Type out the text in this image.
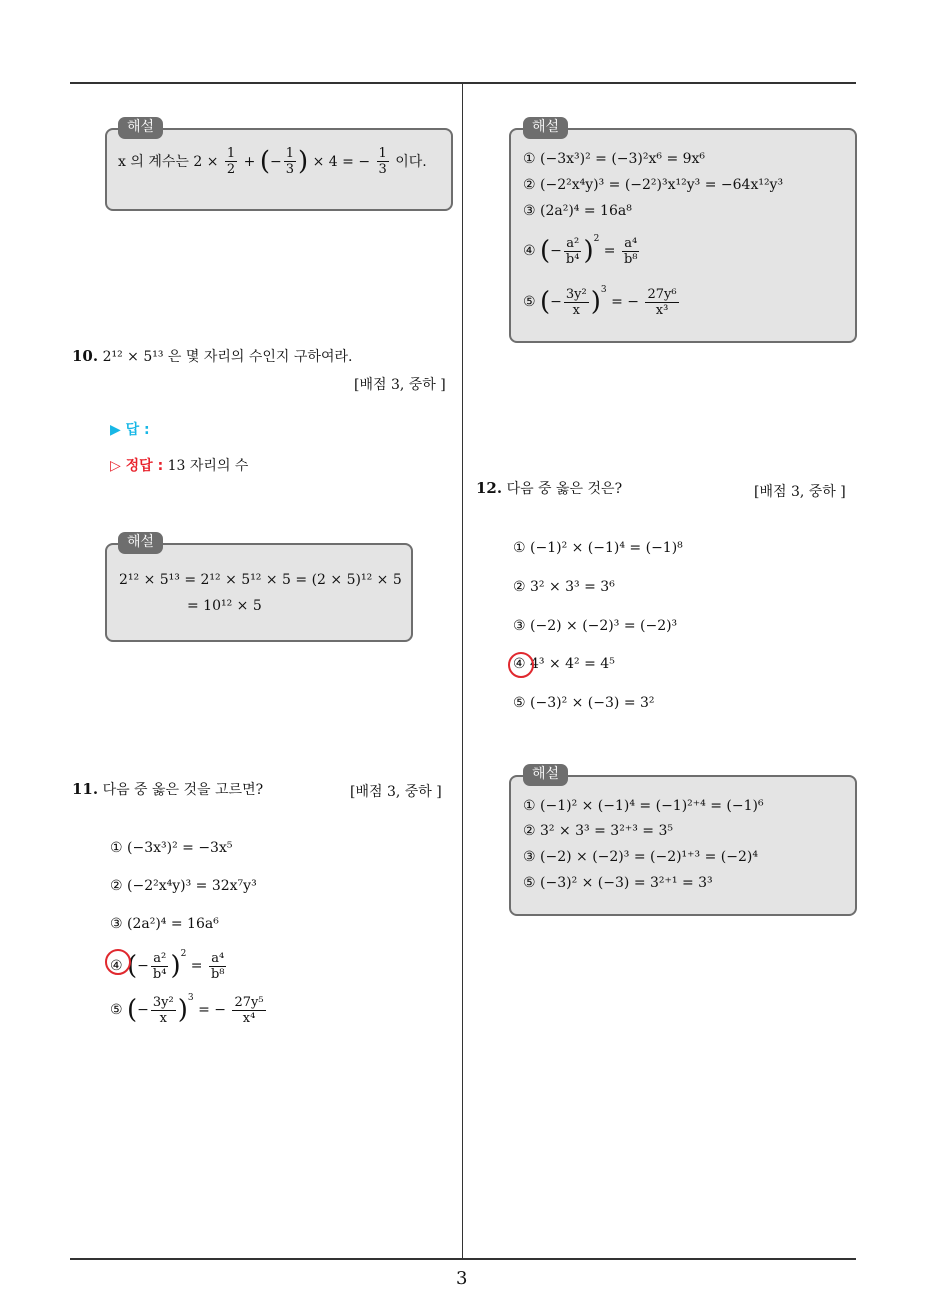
3
해설
x 의 계수는 $2 \times \frac{1}{2}$ + (− $\frac{1}{3}$ ) × 4 = − $\frac{1}{3}$ 이다.
10. 2¹² × 5¹³ 은 몇 자리의 수인지 구하여라.
[배점 3, 중하 ]
▶ 답 :
▷ 정답 : 13 자리의 수
해설
2¹² × 5¹³ = 2¹² × 5¹² × 5 = (2 × 5)¹² × 5
= 10¹² × 5
11. 다음 중 옳은 것을 고르면?	[배점 3, 중하 ]
① (−3x³)² = −3x⁵
② (−2²x⁴y)³ = 32x⁷y³
③ (2a²)⁴ = 16a⁶
④ (− $\frac{\text{a²}}{\text{b⁴}} )^2 = \frac{\text{a⁴}}{\text{b⁸}}$
⑤ (− $\frac{\text{3y²}}{x} )^3$ = − $\frac{\text{27y⁵}}{\text{x⁴}}$
해설
① (−3x³)² = (−3)²x⁶ = 9x⁶
② (−2²x⁴y)³ = (−2²)³x¹²y³ = −64x¹²y³
③ (2a²)⁴ = 16a⁸
④ (− $\frac{\text{a²}}{\text{b⁴}} )^2 = \frac{\text{a⁴}}{\text{b⁸}}$
⑤ (− $\frac{\text{3y²}}{x} )^3$ = − $\frac{\text{27y⁶}}{\text{x³}}$
12. 다음 중 옳은 것은?	[배점 3, 중하 ]
① (−1)² × (−1)⁴ = (−1)⁸
② 3² × 3³ = 3⁶
③ (−2) × (−2)³ = (−2)³
④ 4³ × 4² = 4⁵
⑤ (−3)² × (−3) = 3²
해설
① (−1)² × (−1)⁴ = (−1)²⁺⁴ = (−1)⁶
② 3² × 3³ = 3²⁺³ = 3⁵
③ (−2) × (−2)³ = (−2)¹⁺³ = (−2)⁴
⑤ (−3)² × (−3) = 3²⁺¹ = 3³
